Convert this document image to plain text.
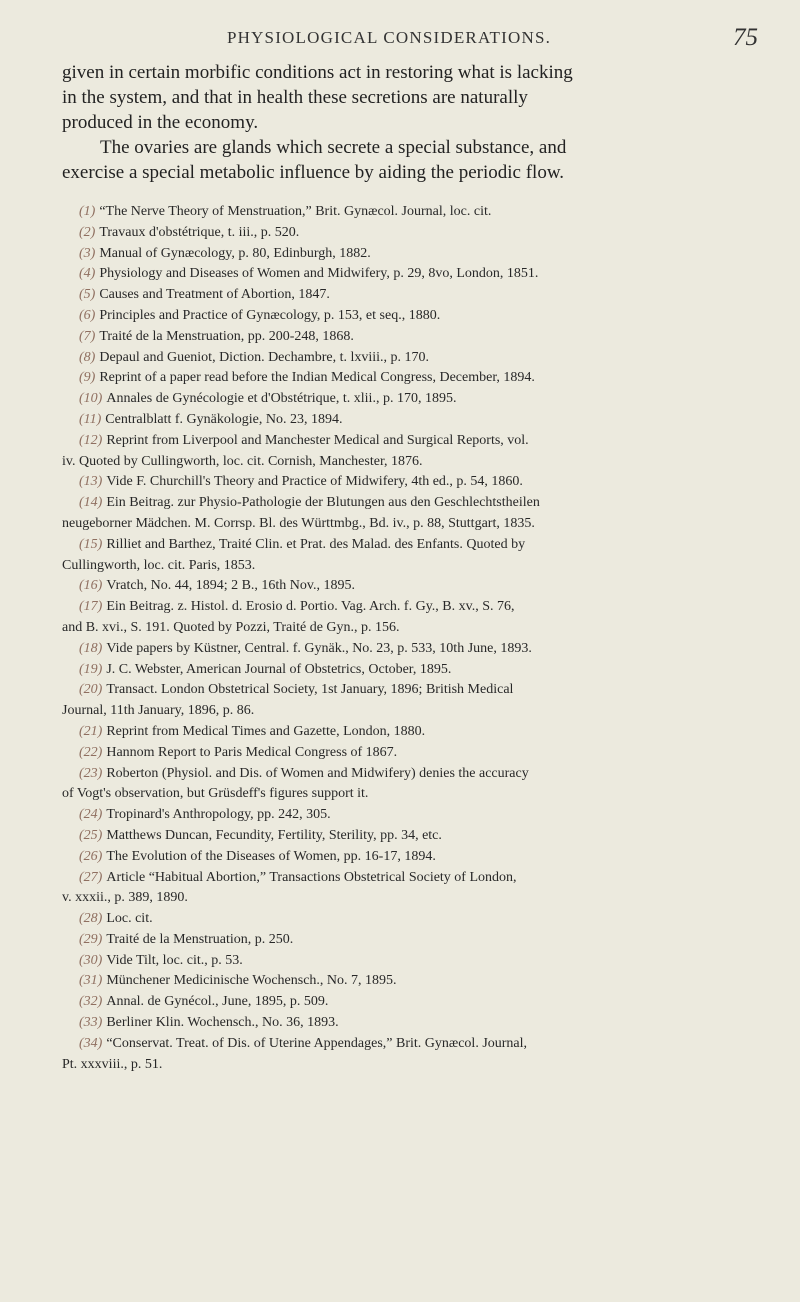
PHYSIOLOGICAL CONSIDERATIONS.	75

given in certain morbific conditions act in restoring what is lacking

in the system, and that in health these secretions are naturally

produced in the economy.

The ovaries are glands which secrete a special substance, and

exercise a special metabolic influence by aiding the periodic flow.

(1) “The Nerve Theory of Menstruation,” Brit. Gynæcol. Journal, loc. cit.
(2) Travaux d'obstétrique, t. iii., p. 520.
(3) Manual of Gynæcology, p. 80, Edinburgh, 1882.
(4) Physiology and Diseases of Women and Midwifery, p. 29, 8vo, London, 1851.
(5) Causes and Treatment of Abortion, 1847.
(6) Principles and Practice of Gynæcology, p. 153, et seq., 1880.
(7) Traité de la Menstruation, pp. 200-248, 1868.
(8) Depaul and Gueniot, Diction. Dechambre, t. lxviii., p. 170.
(9) Reprint of a paper read before the Indian Medical Congress, December, 1894.
(10) Annales de Gynécologie et d'Obstétrique, t. xlii., p. 170, 1895.
(11) Centralblatt f. Gynäkologie, No. 23, 1894.
(12) Reprint from Liverpool and Manchester Medical and Surgical Reports, vol.
iv. Quoted by Cullingworth, loc. cit. Cornish, Manchester, 1876.
(13) Vide F. Churchill's Theory and Practice of Midwifery, 4th ed., p. 54, 1860.
(14) Ein Beitrag. zur Physio-Pathologie der Blutungen aus den Geschlechtstheilen
neugeborner Mädchen. M. Corrsp. Bl. des Württmbg., Bd. iv., p. 88, Stuttgart, 1835.
(15) Rilliet and Barthez, Traité Clin. et Prat. des Malad. des Enfants. Quoted by
Cullingworth, loc. cit. Paris, 1853.
(16) Vratch, No. 44, 1894; 2 B., 16th Nov., 1895.
(17) Ein Beitrag. z. Histol. d. Erosio d. Portio. Vag. Arch. f. Gy., B. xv., S. 76,
and B. xvi., S. 191. Quoted by Pozzi, Traité de Gyn., p. 156.
(18) Vide papers by Küstner, Central. f. Gynäk., No. 23, p. 533, 10th June, 1893.
(19) J. C. Webster, American Journal of Obstetrics, October, 1895.
(20) Transact. London Obstetrical Society, 1st January, 1896; British Medical
Journal, 11th January, 1896, p. 86.
(21) Reprint from Medical Times and Gazette, London, 1880.
(22) Hannom Report to Paris Medical Congress of 1867.
(23) Roberton (Physiol. and Dis. of Women and Midwifery) denies the accuracy
of Vogt's observation, but Grüsdeff's figures support it.
(24) Tropinard's Anthropology, pp. 242, 305.
(25) Matthews Duncan, Fecundity, Fertility, Sterility, pp. 34, etc.
(26) The Evolution of the Diseases of Women, pp. 16-17, 1894.
(27) Article “Habitual Abortion,” Transactions Obstetrical Society of London,
v. xxxii., p. 389, 1890.
(28) Loc. cit.
(29) Traité de la Menstruation, p. 250.
(30) Vide Tilt, loc. cit., p. 53.
(31) Münchener Medicinische Wochensch., No. 7, 1895.
(32) Annal. de Gynécol., June, 1895, p. 509.
(33) Berliner Klin. Wochensch., No. 36, 1893.
(34) “Conservat. Treat. of Dis. of Uterine Appendages,” Brit. Gynæcol. Journal,
Pt. xxxviii., p. 51.
